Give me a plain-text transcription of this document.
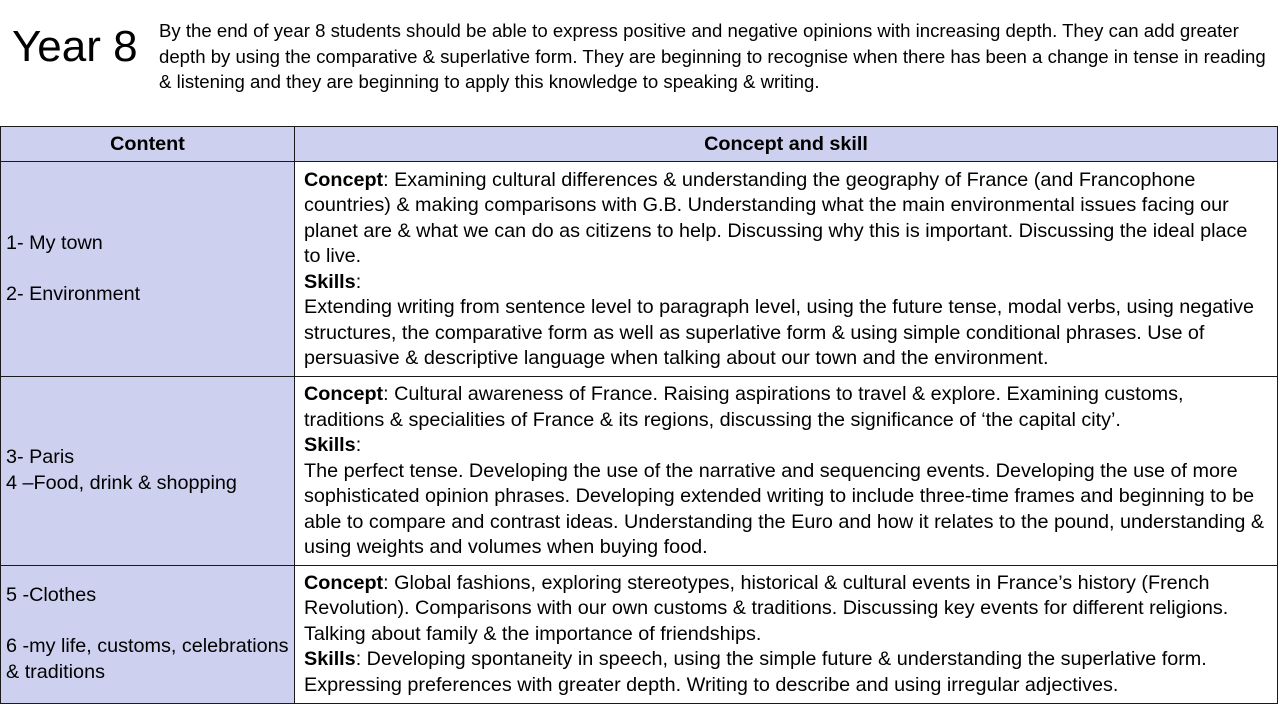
Year 8 By the end of year 8 students should be able to express positive and negative opinions with increasing depth. They can add greater depth by using the comparative & superlative form. They are beginning to recognise when there has been a change in tense in reading & listening and they are beginning to apply this knowledge to speaking & writing.

Content	Concept and skill

1- My town
2- Environment	Concept: Examining cultural differences & understanding the geography of France (and Francophone countries) & making comparisons with G.B. Understanding what the main environmental issues facing our planet are & what we can do as citizens to help. Discussing why this is important. Discussing the ideal place to live.
Skills:
Extending writing from sentence level to paragraph level, using the future tense, modal verbs, using negative structures, the comparative form as well as superlative form & using simple conditional phrases. Use of persuasive & descriptive language when talking about our town and the environment.

3- Paris
4 –Food, drink & shopping	Concept: Cultural awareness of France. Raising aspirations to travel & explore. Examining customs, traditions & specialities of France & its regions, discussing the significance of ‘the capital city’.
Skills:
The perfect tense. Developing the use of the narrative and sequencing events. Developing the use of more sophisticated opinion phrases. Developing extended writing to include three-time frames and beginning to be able to compare and contrast ideas. Understanding the Euro and how it relates to the pound, understanding & using weights and volumes when buying food.

5 -Clothes
6 -my life, customs, celebrations & traditions	Concept: Global fashions, exploring stereotypes, historical & cultural events in France’s history (French Revolution). Comparisons with our own customs & traditions. Discussing key events for different religions. Talking about family & the importance of friendships.
Skills: Developing spontaneity in speech, using the simple future & understanding the superlative form. Expressing preferences with greater depth. Writing to describe and using irregular adjectives.
